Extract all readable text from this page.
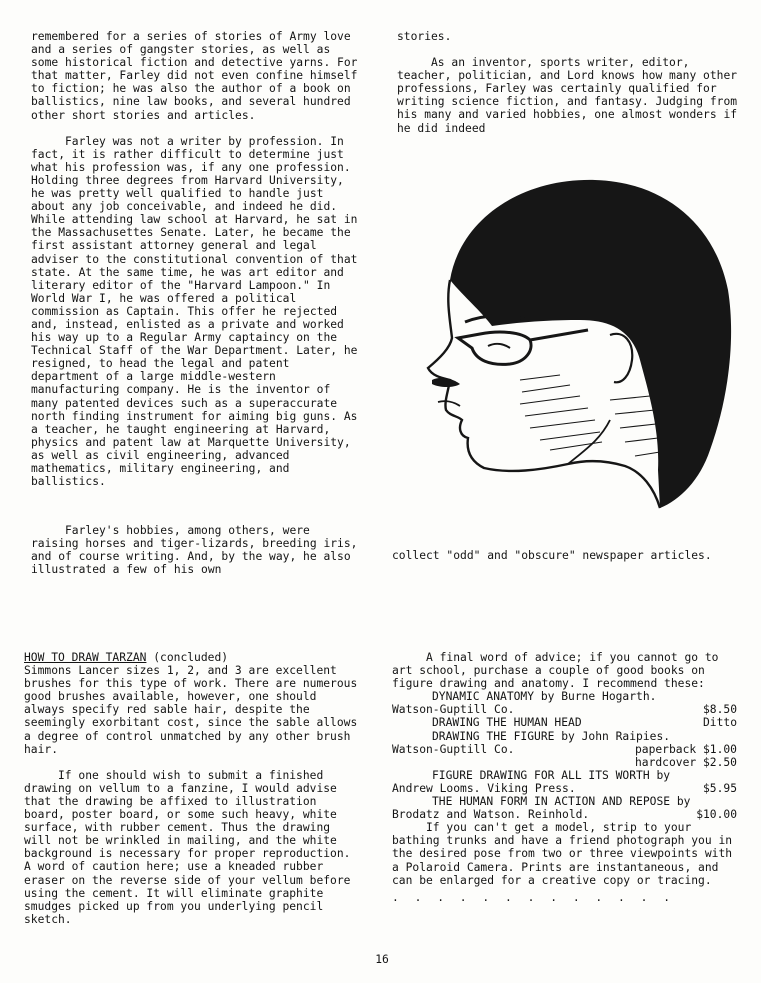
remembered for a series of stories of Army love and a series of gangster stories, as well as some historical fiction and detective yarns. For that matter, Farley did not even confine himself to fiction; he was also the author of a book on ballistics, nine law books, and several hundred other short stories and articles.

Farley was not a writer by profession. In fact, it is rather difficult to determine just what his profession was, if any one profession. Holding three degrees from Harvard University, he was pretty well qualified to handle just about any job conceivable, and indeed he did. While attending law school at Harvard, he sat in the Massachusettes Senate. Later, he became the first assistant attorney general and legal adviser to the constitutional convention of that state. At the same time, he was art editor and literary editor of the "Harvard Lampoon." In World War I, he was offered a political commission as Captain. This offer he rejected and, instead, enlisted as a private and worked his way up to a Regular Army captaincy on the Technical Staff of the War Department. Later, he resigned, to head the legal and patent department of a large middle-western manufacturing company. He is the inventor of many patented devices such as a superaccurate north finding instrument for aiming big guns. As a teacher, he taught engineering at Harvard, physics and patent law at Marquette University, as well as civil engineering, advanced mathematics, military engineering, and ballistics.

Farley's hobbies, among others, were raising horses and tiger-lizards, breeding iris, and of course writing. And, by the way, he also illustrated a few of his own

stories.

As an inventor, sports writer, editor, teacher, politician, and Lord knows how many other professions, Farley was certainly qualified for writing science fiction, and fantasy. Judging from his many and varied hobbies, one almost wonders if he did indeed

collect "odd" and "obscure" newspaper articles.

HOW TO DRAW TARZAN (concluded)

Simmons Lancer sizes 1, 2, and 3 are excellent brushes for this type of work. There are numerous good brushes available, however, one should always specify red sable hair, despite the seemingly exorbitant cost, since the sable allows a degree of control unmatched by any other brush hair.

If one should wish to submit a finished drawing on vellum to a fanzine, I would advise that the drawing be affixed to illustration board, poster board, or some such heavy, white surface, with rubber cement. Thus the drawing will not be wrinkled in mailing, and the white background is necessary for proper reproduction. A word of caution here; use a kneaded rubber eraser on the reverse side of your vellum before using the cement. It will eliminate graphite smudges picked up from you underlying pencil sketch.

A final word of advice; if you cannot go to art school, purchase a couple of good books on figure drawing and anatomy. I recommend these:

DYNAMIC ANATOMY by Burne Hogarth.
Watson-Guptill Co.	$8.50
DRAWING THE HUMAN HEAD	Ditto
DRAWING THE FIGURE by John Raipies.
Watson-Guptill Co.	paperback $1.00
hardcover $2.50
FIGURE DRAWING FOR ALL ITS WORTH by
Andrew Looms. Viking Press.	$5.95
THE HUMAN FORM IN ACTION AND REPOSE by
Brodatz and Watson. Reinhold.	$10.00

If you can't get a model, strip to your bathing trunks and have a friend photograph you in the desired pose from two or three viewpoints with a Polaroid Camera. Prints are instantaneous, and can be enlarged for a creative copy or tracing.

. . . . . . . . . . . . .
16
